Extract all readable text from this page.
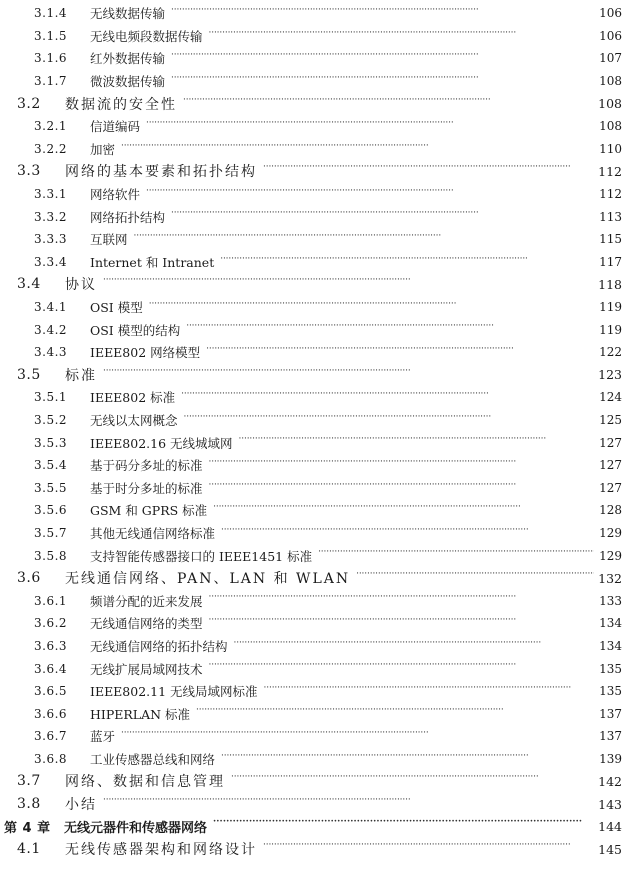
3.1.4	无线数据传输 · · ·	106
3.1.5	无线电频段数据传输 · · ·	106
3.1.6	红外数据传输 · · ·	107
3.1.7	微波数据传输 · · ·	108
3.2	数据流的安全性 · · ·	108
3.2.1	信道编码 · · ·	108
3.2.2	加密 · · ·	110
3.3	网络的基本要素和拓扑结构 · · ·	112
3.3.1	网络软件 · · ·	112
3.3.2	网络拓扑结构 · · ·	113
3.3.3	互联网 · · ·	115
3.3.4	Internet 和 Intranet · · ·	117
3.4	协议 · · ·	118
3.4.1	OSI 模型 · · ·	119
3.4.2	OSI 模型的结构 · · ·	119
3.4.3	IEEE802 网络模型 · · ·	122
3.5	标准 · · ·	123
3.5.1	IEEE802 标准 · · ·	124
3.5.2	无线以太网概念 · · ·	125
3.5.3	IEEE802.16 无线城域网 · · ·	127
3.5.4	基于码分多址的标准 · · ·	127
3.5.5	基于时分多址的标准 · · ·	127
3.5.6	GSM 和 GPRS 标准 · · ·	128
3.5.7	其他无线通信网络标准 · · ·	129
3.5.8	支持智能传感器接口的 IEEE1451 标准 · · ·	129
3.6	无线通信网络、PAN、LAN 和 WLAN · · ·	132
3.6.1	频谱分配的近来发展 · · ·	133
3.6.2	无线通信网络的类型 · · ·	134
3.6.3	无线通信网络的拓扑结构 · · ·	134
3.6.4	无线扩展局域网技术 · · ·	135
3.6.5	IEEE802.11 无线局域网标准 · · ·	135
3.6.6	HIPERLAN 标准 · · ·	137
3.6.7	蓝牙 · · ·	137
3.6.8	工业传感器总线和网络 · · ·	139
3.7	网络、数据和信息管理 · · ·	142
3.8	小结 · · ·	143
第 4 章	无线元器件和传感器网络 · · ·	144
4.1	无线传感器架构和网络设计 · · ·	145
